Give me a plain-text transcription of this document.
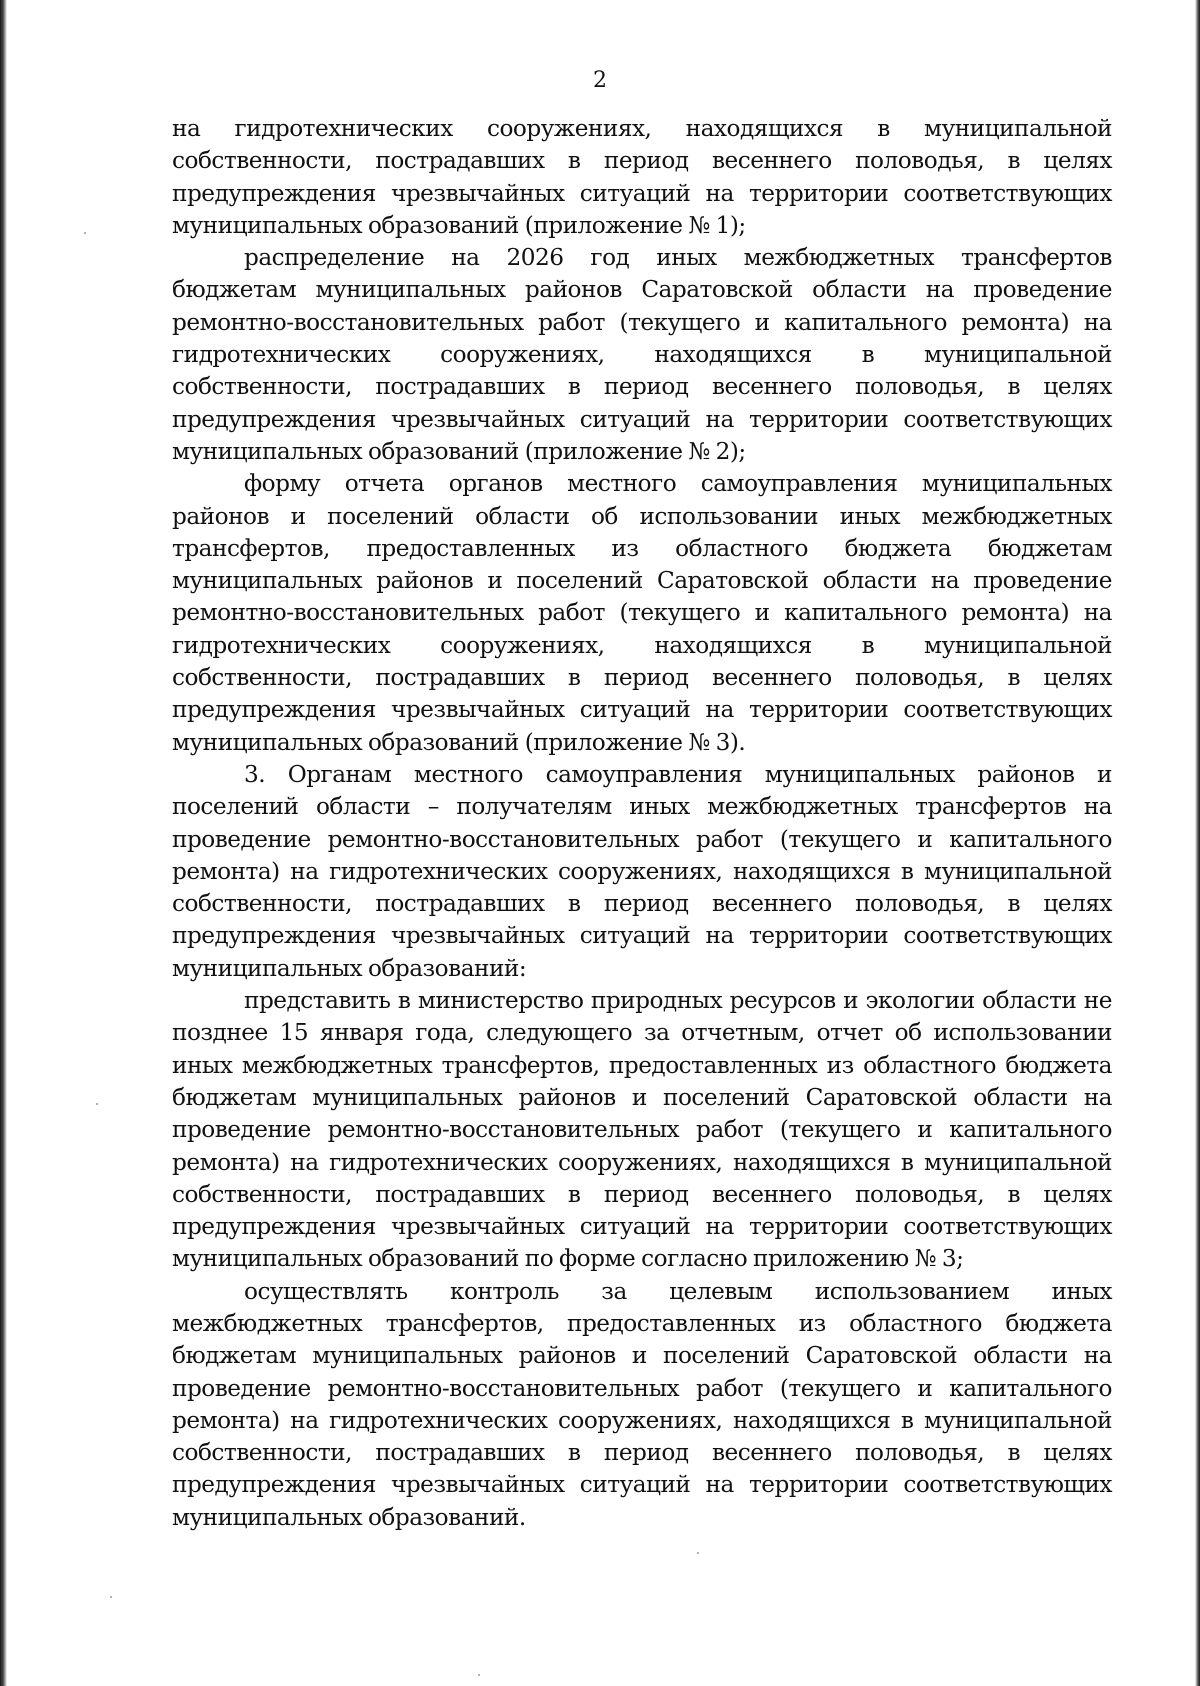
2

на гидротехнических сооружениях, находящихся в муниципальной собственности, пострадавших в период весеннего половодья, в целях предупреждения чрезвычайных ситуаций на территории соответствующих муниципальных образований (приложение № 1);

распределение на 2026 год иных межбюджетных трансфертов бюджетам муниципальных районов Саратовской области на проведение ремонтно-восстановительных работ (текущего и капитального ремонта) на гидротехнических сооружениях, находящихся в муниципальной собственности, пострадавших в период весеннего половодья, в целях предупреждения чрезвычайных ситуаций на территории соответствующих муниципальных образований (приложение № 2);

форму отчета органов местного самоуправления муниципальных районов и поселений области об использовании иных межбюджетных трансфертов, предоставленных из областного бюджета бюджетам муниципальных районов и поселений Саратовской области на проведение ремонтно-восстановительных работ (текущего и капитального ремонта) на гидротехнических сооружениях, находящихся в муниципальной собственности, пострадавших в период весеннего половодья, в целях предупреждения чрезвычайных ситуаций на территории соответствующих муниципальных образований (приложение № 3).

3. Органам местного самоуправления муниципальных районов и поселений области – получателям иных межбюджетных трансфертов на проведение ремонтно-восстановительных работ (текущего и капитального ремонта) на гидротехнических сооружениях, находящихся в муниципальной собственности, пострадавших в период весеннего половодья, в целях предупреждения чрезвычайных ситуаций на территории соответствующих муниципальных образований:

представить в министерство природных ресурсов и экологии области не позднее 15 января года, следующего за отчетным, отчет об использовании иных межбюджетных трансфертов, предоставленных из областного бюджета бюджетам муниципальных районов и поселений Саратовской области на проведение ремонтно-восстановительных работ (текущего и капитального ремонта) на гидротехнических сооружениях, находящихся в муниципальной собственности, пострадавших в период весеннего половодья, в целях предупреждения чрезвычайных ситуаций на территории соответствующих муниципальных образований по форме согласно приложению № 3;

осуществлять контроль за целевым использованием иных межбюджетных трансфертов, предоставленных из областного бюджета бюджетам муниципальных районов и поселений Саратовской области на проведение ремонтно-восстановительных работ (текущего и капитального ремонта) на гидротехнических сооружениях, находящихся в муниципальной собственности, пострадавших в период весеннего половодья, в целях предупреждения чрезвычайных ситуаций на территории соответствующих муниципальных образований.
